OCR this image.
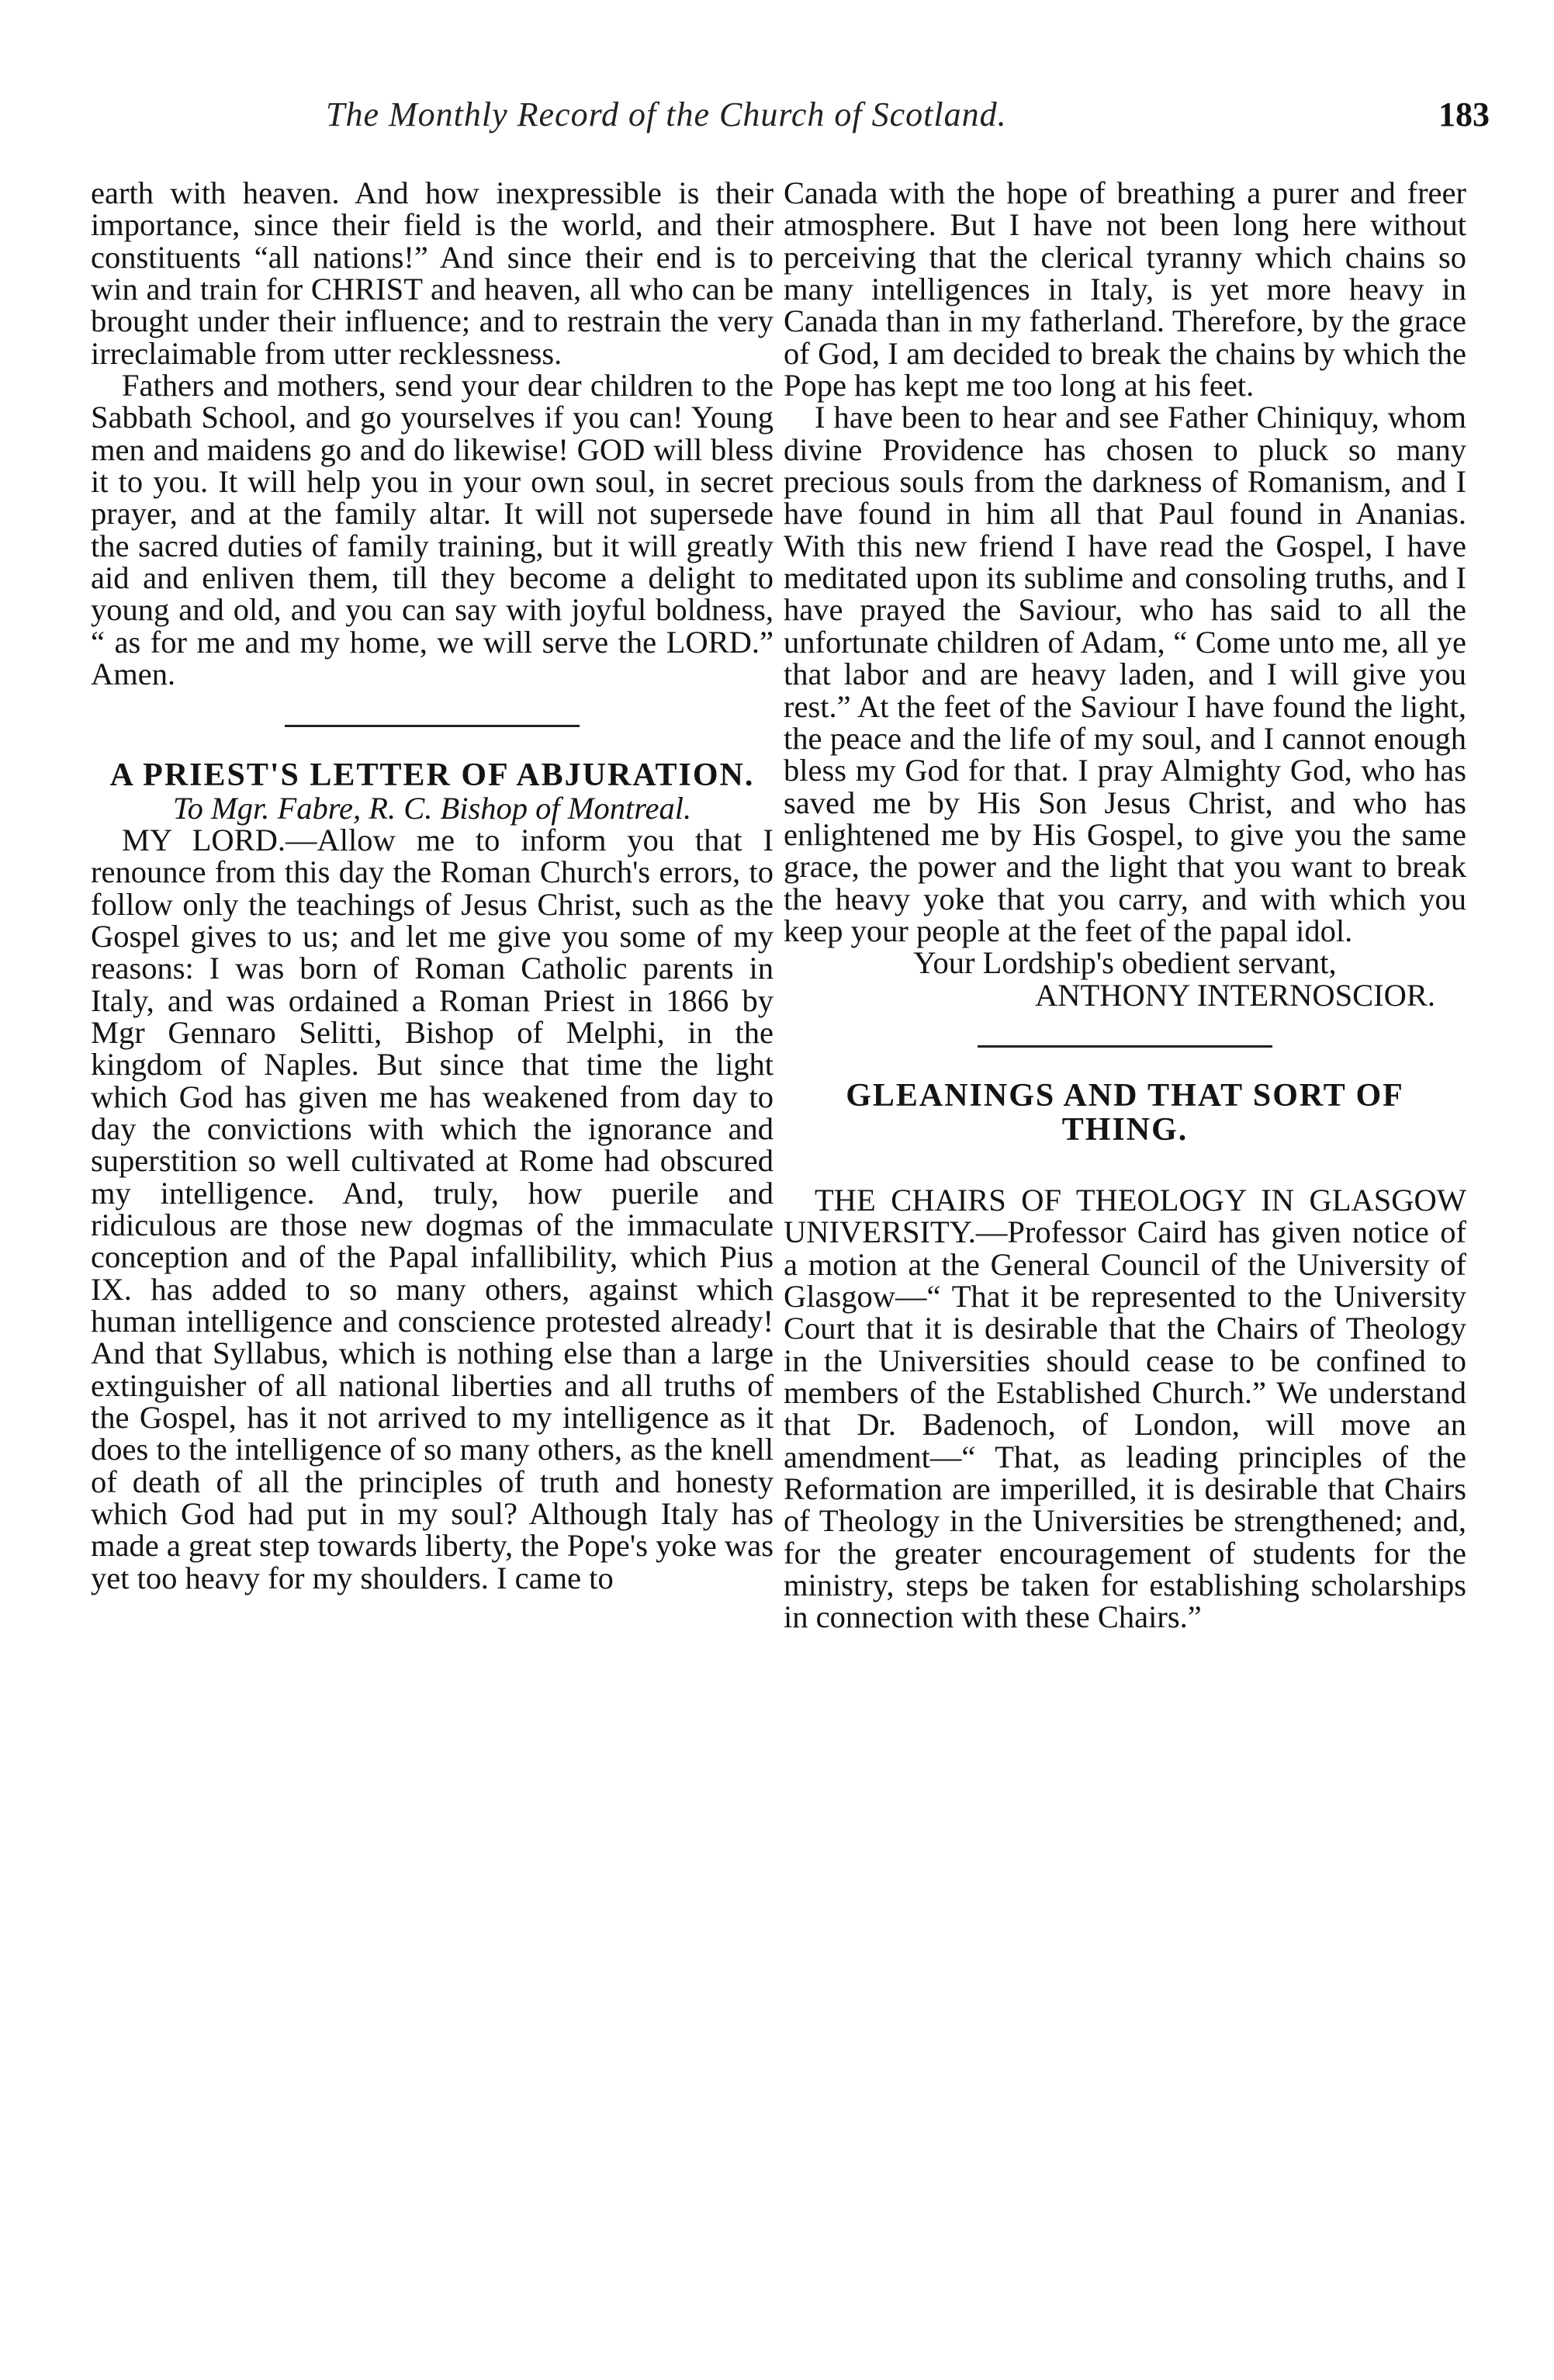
The Monthly Record of the Church of Scotland.	183

earth with heaven. And how inexpressible is their importance, since their field is the world, and their constituents “all nations!” And since their end is to win and train for CHRIST and heaven, all who can be brought under their influence; and to restrain the very irreclaimable from utter recklessness.

Fathers and mothers, send your dear children to the Sabbath School, and go yourselves if you can! Young men and maidens go and do likewise! GOD will bless it to you. It will help you in your own soul, in secret prayer, and at the family altar. It will not supersede the sacred duties of family training, but it will greatly aid and enliven them, till they become a delight to young and old, and you can say with joyful boldness, “ as for me and my home, we will serve the LORD.” Amen.

A PRIEST'S LETTER OF ABJURATION.

To Mgr. Fabre, R. C. Bishop of Montreal.

MY LORD.—Allow me to inform you that I renounce from this day the Roman Church's errors, to follow only the teachings of Jesus Christ, such as the Gospel gives to us; and let me give you some of my reasons: I was born of Roman Catholic parents in Italy, and was ordained a Roman Priest in 1866 by Mgr Gennaro Selitti, Bishop of Melphi, in the kingdom of Naples. But since that time the light which God has given me has weakened from day to day the convictions with which the ignorance and superstition so well cultivated at Rome had obscured my intelligence. And, truly, how puerile and ridiculous are those new dogmas of the immaculate conception and of the Papal infallibility, which Pius IX. has added to so many others, against which human intelligence and conscience protested already! And that Syllabus, which is nothing else than a large extinguisher of all national liberties and all truths of the Gospel, has it not arrived to my intelligence as it does to the intelligence of so many others, as the knell of death of all the principles of truth and honesty which God had put in my soul? Although Italy has made a great step towards liberty, the Pope's yoke was yet too heavy for my shoulders. I came to

Canada with the hope of breathing a purer and freer atmosphere. But I have not been long here without perceiving that the clerical tyranny which chains so many intelligences in Italy, is yet more heavy in Canada than in my fatherland. Therefore, by the grace of God, I am decided to break the chains by which the Pope has kept me too long at his feet.

I have been to hear and see Father Chiniquy, whom divine Providence has chosen to pluck so many precious souls from the darkness of Romanism, and I have found in him all that Paul found in Ananias. With this new friend I have read the Gospel, I have meditated upon its sublime and consoling truths, and I have prayed the Saviour, who has said to all the unfortunate children of Adam, “ Come unto me, all ye that labor and are heavy laden, and I will give you rest.” At the feet of the Saviour I have found the light, the peace and the life of my soul, and I cannot enough bless my God for that. I pray Almighty God, who has saved me by His Son Jesus Christ, and who has enlightened me by His Gospel, to give you the same grace, the power and the light that you want to break the heavy yoke that you carry, and with which you keep your people at the feet of the papal idol.

Your Lordship's obedient servant,

ANTHONY INTERNOSCIOR.

GLEANINGS AND THAT SORT OF THING.

THE CHAIRS OF THEOLOGY IN GLASGOW UNIVERSITY.—Professor Caird has given notice of a motion at the General Council of the University of Glasgow—“ That it be represented to the University Court that it is desirable that the Chairs of Theology in the Universities should cease to be confined to members of the Established Church.” We understand that Dr. Badenoch, of London, will move an amendment—“ That, as leading principles of the Reformation are imperilled, it is desirable that Chairs of Theology in the Universities be strengthened; and, for the greater encouragement of students for the ministry, steps be taken for establishing scholarships in connection with these Chairs.”
